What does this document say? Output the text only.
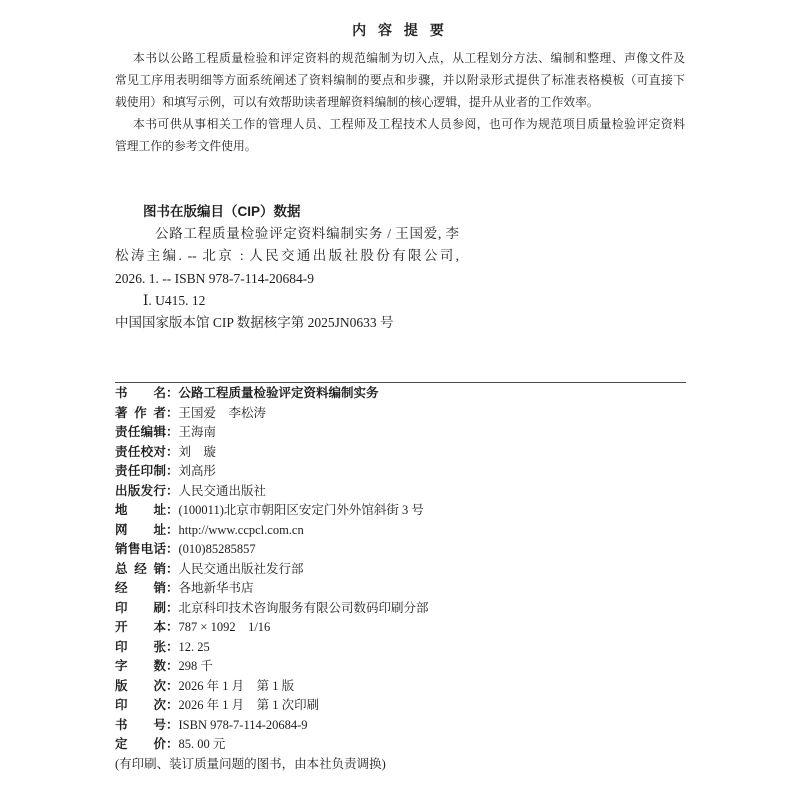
内 容 提 要
本书以公路工程质量检验和评定资料的规范编制为切入点，从工程划分方法、编制和整理、声像文件及
常见工序用表明细等方面系统阐述了资料编制的要点和步骤，并以附录形式提供了标准表格模板（可直接下
载使用）和填写示例，可以有效帮助读者理解资料编制的核心逻辑，提升从业者的工作效率。
本书可供从事相关工作的管理人员、工程师及工程技术人员参阅，也可作为规范项目质量检验评定资料
管理工作的参考文件使用。
图书在版编目（CIP）数据
公路工程质量检验评定资料编制实务 / 王国爱, 李
松涛主编. -- 北京 : 人民交通出版社股份有限公司,
2026. 1. -- ISBN 978-7-114-20684-9
Ⅰ. U415. 12
中国国家版本馆 CIP 数据核字第 2025JN0633 号
书　　名：公路工程质量检验评定资料编制实务
著 作 者：王国爱　李松涛
责任编辑：王海南
责任校对：刘　璇
责任印制：刘高彤
出版发行：人民交通出版社
地　　址：(100011)北京市朝阳区安定门外外馆斜街 3 号
网　　址：http://www.ccpcl.com.cn
销售电话：(010)85285857
总 经 销：人民交通出版社发行部
经　　销：各地新华书店
印　　刷：北京科印技术咨询服务有限公司数码印刷分部
开　　本：787 × 1092　1/16
印　　张：12. 25
字　　数：298 千
版　　次：2026 年 1 月　第 1 版
印　　次：2026 年 1 月　第 1 次印刷
书　　号：ISBN 978-7-114-20684-9
定　　价：85. 00 元
(有印刷、装订质量问题的图书，由本社负责调换)
